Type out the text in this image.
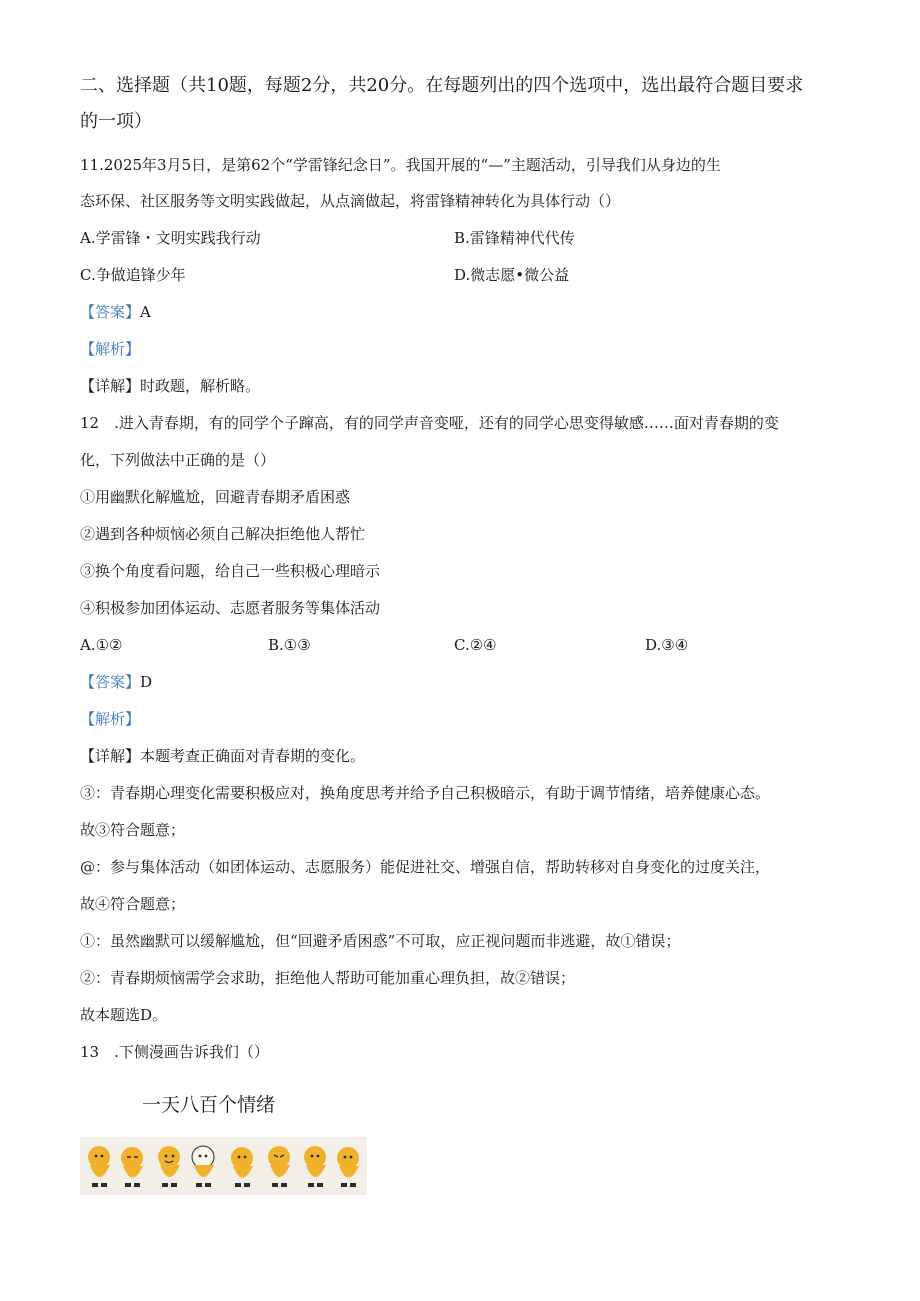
二、选择题（共10题，每题2分，共20分。在每题列出的四个选项中，选出最符合题目要求
的一项）
11.2025年3月5日，是第62个“学雷锋纪念日”。我国开展的“—”主题活动，引导我们从身边的生
态环保、社区服务等文明实践做起，从点滴做起，将雷锋精神转化为具体行动（）
A.学雷锋・文明实践我行动	B.雷锋精神代代传
C.争做追锋少年	D.微志愿•微公益
【答案】A
【解析】
【详解】时政题，解析略。
12　.进入青春期，有的同学个子蹿高，有的同学声音变哑，还有的同学心思变得敏感……面对青春期的变
化，下列做法中正确的是（）
①用幽默化解尴尬，回避青春期矛盾困惑
②遇到各种烦恼必须自己解决拒绝他人帮忙
③换个角度看问题，给自己一些积极心理暗示
④积极参加团体运动、志愿者服务等集体活动
A.①②	B.①③	C.②④	D.③④
【答案】D
【解析】
【详解】本题考查正确面对青春期的变化。
③：青春期心理变化需要积极应对，换角度思考并给予自己积极暗示，有助于调节情绪，培养健康心态。
故③符合题意；
@：参与集体活动（如团体运动、志愿服务）能促进社交、增强自信，帮助转移对自身变化的过度关注，
故④符合题意；
①：虽然幽默可以缓解尴尬，但“回避矛盾困惑”不可取，应正视问题而非逃避，故①错误；
②：青春期烦恼需学会求助，拒绝他人帮助可能加重心理负担，故②错误；
故本题选D。
13　.下侧漫画告诉我们（）
一天八百个情绪
